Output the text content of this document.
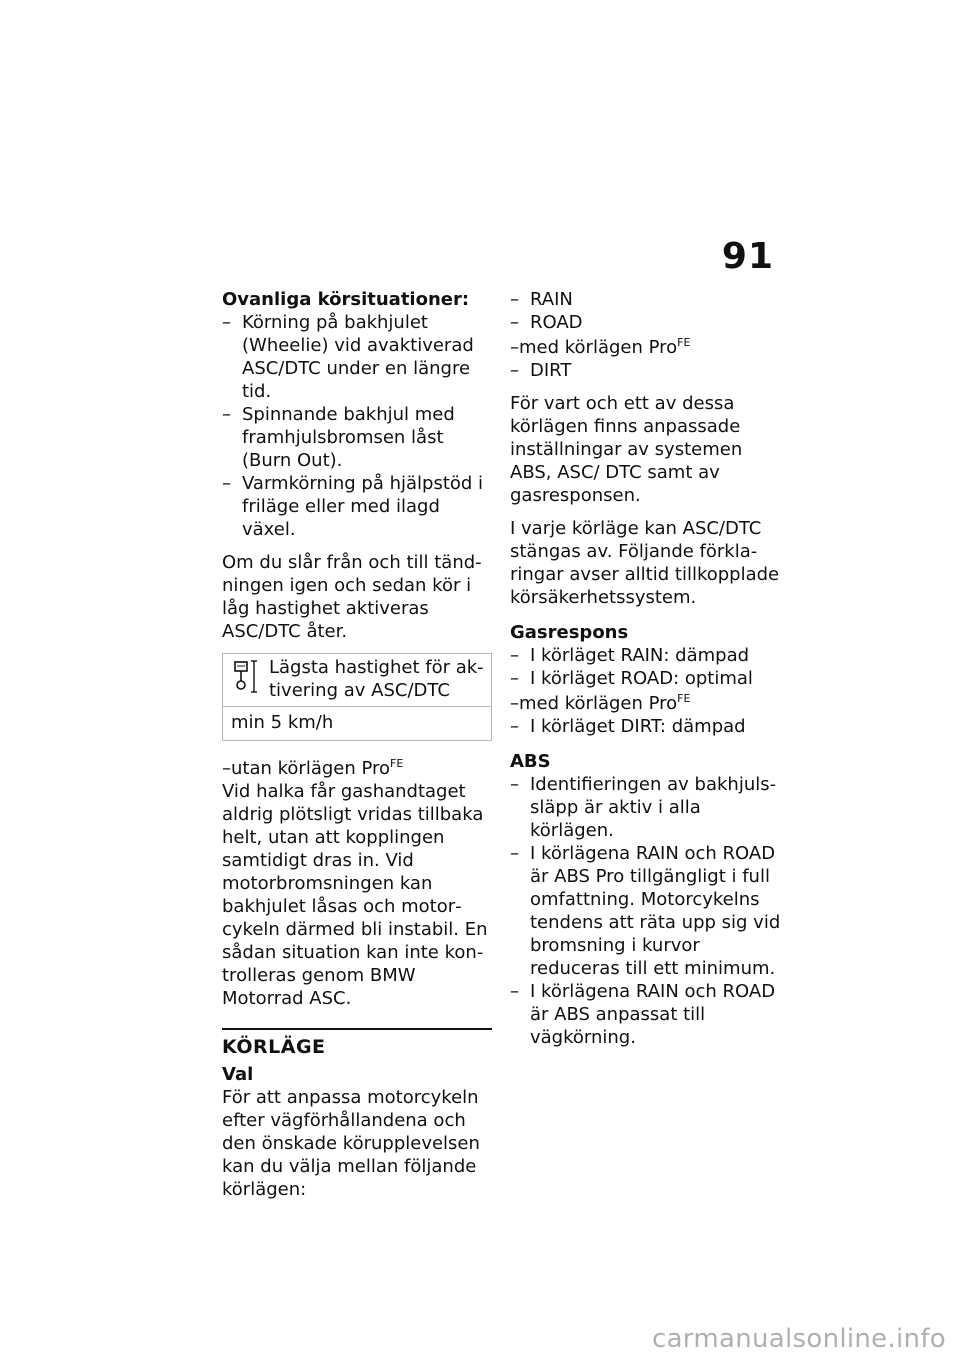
91

Ovanliga körsituationer:

– Körning på bakhjulet (Wheelie) vid avaktiverad ASC/DTC under en längre tid.
– Spinnande bakhjul med framhjulsbromsen låst (Burn Out).
– Varmkörning på hjälpstöd i friläge eller med ilagd växel.

Om du slår från och till tändningen igen och sedan kör i låg hastighet aktiveras ASC/DTC åter.

Lägsta hastighet för aktivering av ASC/DTC
min 5 km/h

–utan körlägen Pro$^{FE}$

Vid halka får gashandtaget aldrig plötsligt vridas tillbaka helt, utan att kopplingen samtidigt dras in. Vid motorbromsningen kan bakhjulet låsas och motorcykeln därmed bli instabil. En sådan situation kan inte kontrolleras genom BMW Motorrad ASC.

KÖRLÄGE

Val

För att anpassa motorcykeln efter vägförhållandena och den önskade körupplevelsen kan du välja mellan följande körlägen:

– RAIN
– ROAD

–med körlägen Pro$^{FE}$

– DIRT

För vart och ett av dessa körlägen finns anpassade inställningar av systemen ABS, ASC/ DTC samt av gasresponsen.

I varje körläge kan ASC/DTC stängas av. Följande förklaringar avser alltid tillkopplade körsäkerhetssystem.

Gasrespons

– I körläget RAIN: dämpad
– I körläget ROAD: optimal

–med körlägen Pro$^{FE}$

– I körläget DIRT: dämpad

ABS

– Identifieringen av bakhjulssläpp är aktiv i alla körlägen.
– I körlägena RAIN och ROAD är ABS Pro tillgängligt i full omfattning. Motorcykelns tendens att räta upp sig vid bromsning i kurvor reduceras till ett minimum.
– I körlägena RAIN och ROAD är ABS anpassat till vägkörning.
carmanualsonline.info
